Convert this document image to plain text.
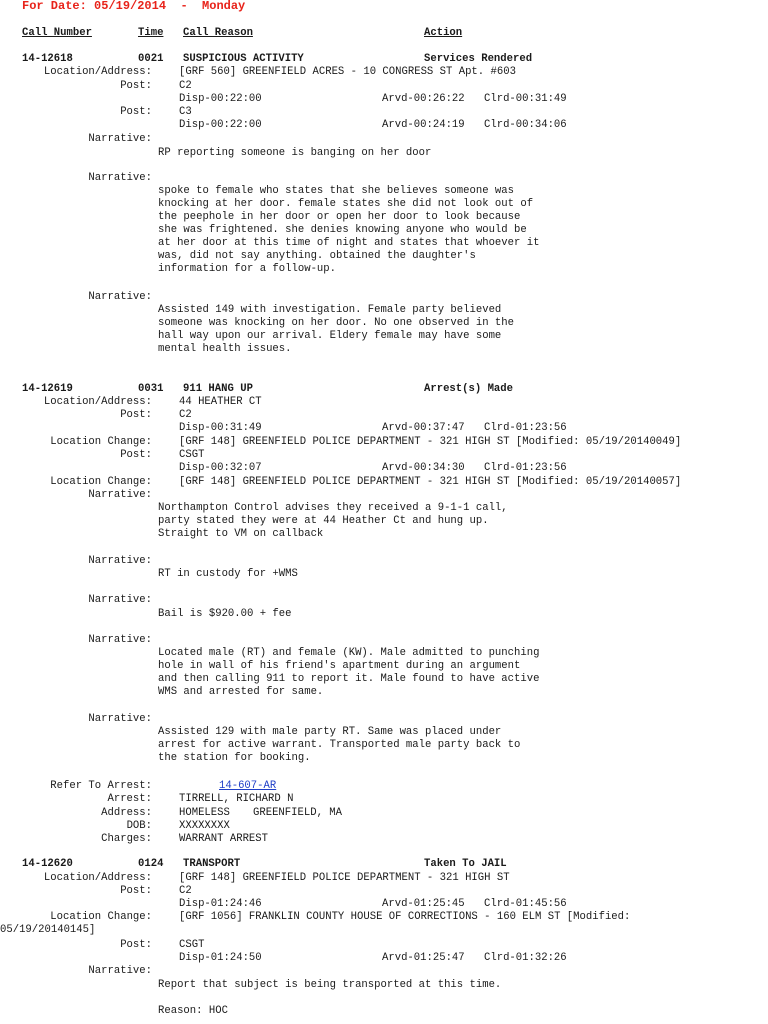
For Date: 05/19/2014 - Monday
Call Number	Time Call Reason	Action
14-12618	0021 SUSPICIOUS ACTIVITY	Services Rendered
Location/Address:	[GRF 560] GREENFIELD ACRES - 10 CONGRESS ST Apt. #603
Post:	C2
Disp-00:22:00	Arvd-00:26:22 Clrd-00:31:49
Post:	C3
Disp-00:22:00	Arvd-00:24:19 Clrd-00:34:06
Narrative:
RP reporting someone is banging on her door
Narrative:
spoke to female who states that she believes someone was
knocking at her door. female states she did not look out of
the peephole in her door or open her door to look because
she was frightened. she denies knowing anyone who would be
at her door at this time of night and states that whoever it
was, did not say anything. obtained the daughter's
information for a follow-up.
Narrative:
Assisted 149 with investigation. Female party believed
someone was knocking on her door. No one observed in the
hall way upon our arrival. Eldery female may have some
mental health issues.
14-12619	0031 911 HANG UP	Arrest(s) Made
Location/Address:	44 HEATHER CT
Post:	C2
Disp-00:31:49	Arvd-00:37:47 Clrd-01:23:56
Location Change:	[GRF 148] GREENFIELD POLICE DEPARTMENT - 321 HIGH ST [Modified: 05/19/20140049]
Post:	CSGT
Disp-00:32:07	Arvd-00:34:30 Clrd-01:23:56
Location Change:	[GRF 148] GREENFIELD POLICE DEPARTMENT - 321 HIGH ST [Modified: 05/19/20140057]
Narrative:
Northampton Control advises they received a 9-1-1 call,
party stated they were at 44 Heather Ct and hung up.
Straight to VM on callback
Narrative:
RT in custody for +WMS
Narrative:
Bail is $920.00 + fee
Narrative:
Located male (RT) and female (KW). Male admitted to punching
hole in wall of his friend's apartment during an argument
and then calling 911 to report it. Male found to have active
WMS and arrested for same.
Narrative:
Assisted 129 with male party RT. Same was placed under
arrest for active warrant. Transported male party back to
the station for booking.
Refer To Arrest:	14-607-AR
Arrest:	TIRRELL, RICHARD N
Address:	HOMELESS GREENFIELD, MA
DOB:	XXXXXXXX
Charges:	WARRANT ARREST
14-12620	0124 TRANSPORT	Taken To JAIL
Location/Address:	[GRF 148] GREENFIELD POLICE DEPARTMENT - 321 HIGH ST
Post:	C2
Disp-01:24:46	Arvd-01:25:45 Clrd-01:45:56
Location Change:	[GRF 1056] FRANKLIN COUNTY HOUSE OF CORRECTIONS - 160 ELM ST [Modified:
05/19/20140145]
Post:	CSGT
Disp-01:24:50	Arvd-01:25:47 Clrd-01:32:26
Narrative:
Report that subject is being transported at this time.
Reason: HOC
